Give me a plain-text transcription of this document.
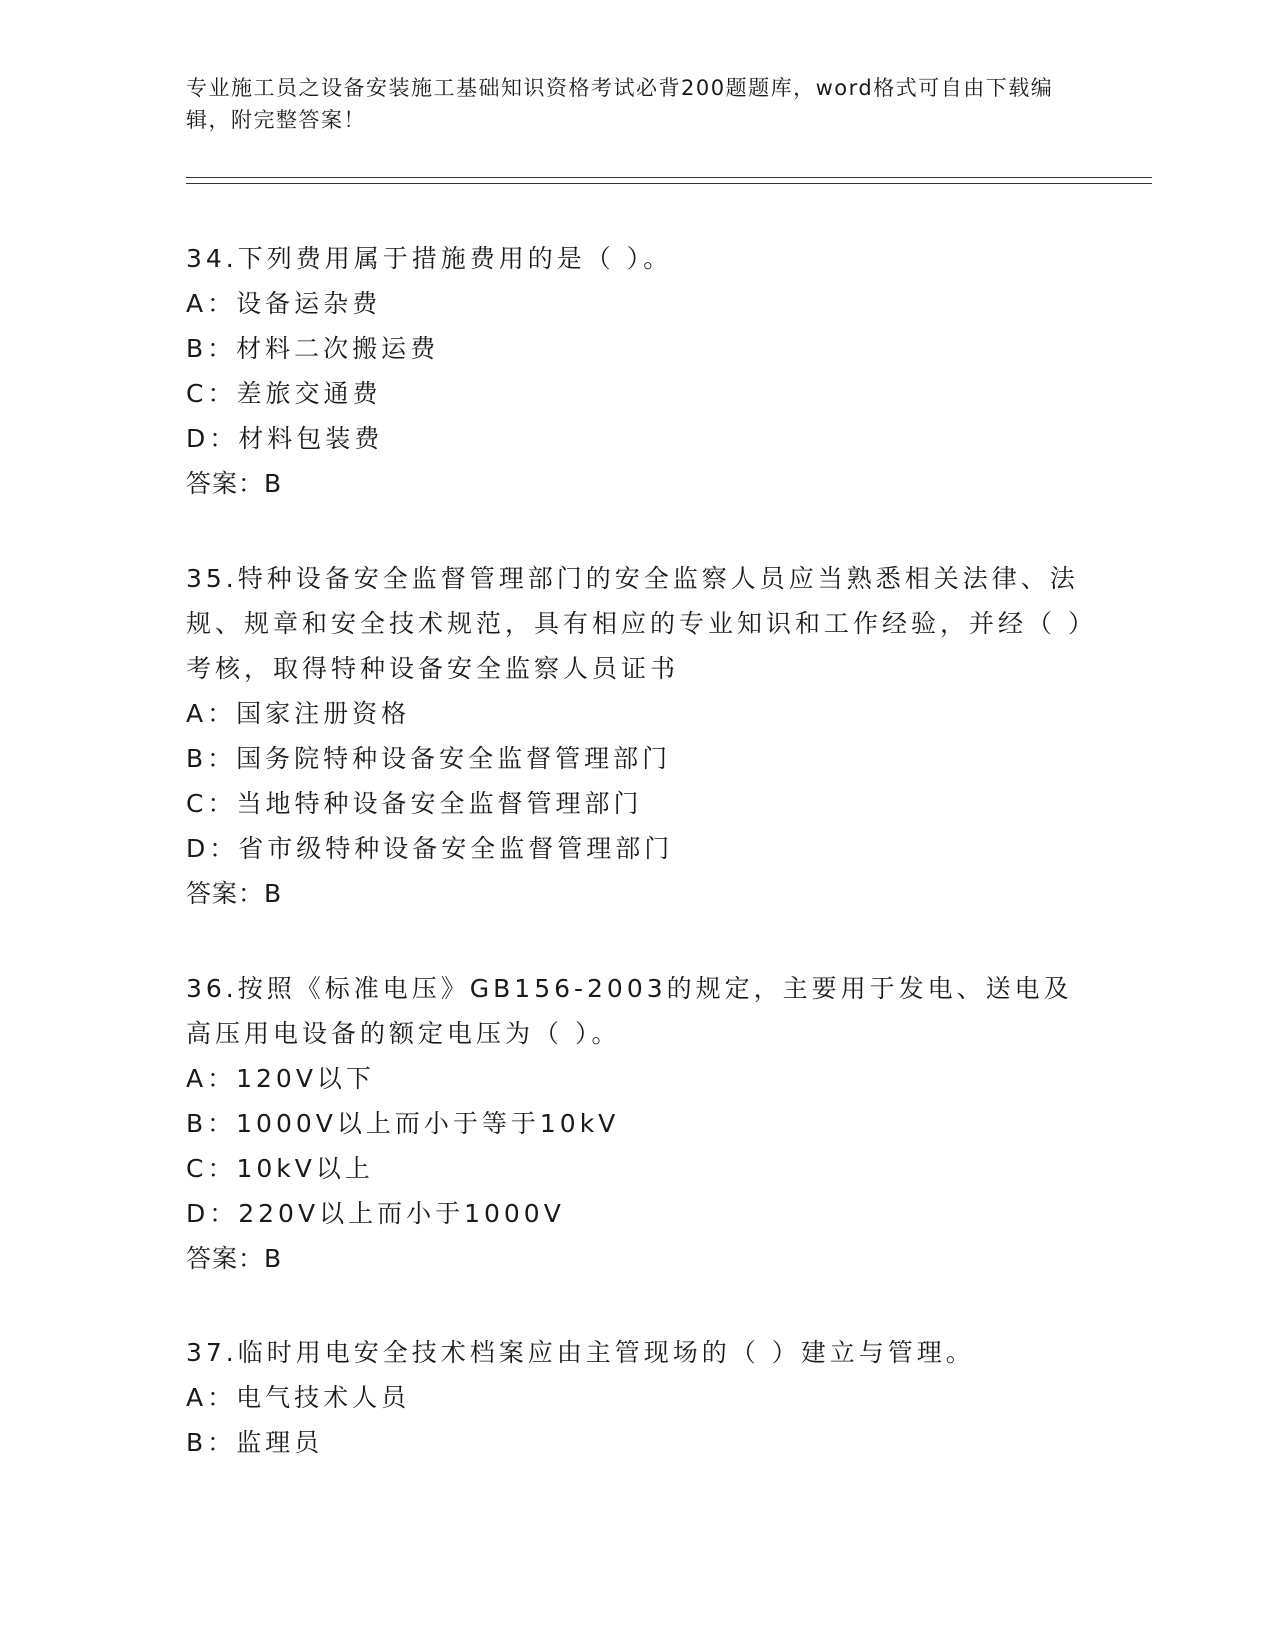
专业施工员之设备安装施工基础知识资格考试必背200题题库，word格式可自由下载编辑，附完整答案！

34.下列费用属于措施费用的是（ ）。

A：设备运杂费

B：材料二次搬运费

C：差旅交通费

D：材料包装费

答案：B

35.特种设备安全监督管理部门的安全监察人员应当熟悉相关法律、法规、规章和安全技术规范，具有相应的专业知识和工作经验，并经（ ）考核，取得特种设备安全监察人员证书

A：国家注册资格

B：国务院特种设备安全监督管理部门

C：当地特种设备安全监督管理部门

D：省市级特种设备安全监督管理部门

答案：B

36.按照《标准电压》GB156-2003的规定，主要用于发电、送电及高压用电设备的额定电压为（ ）。

A：120V以下

B：1000V以上而小于等于10kV

C：10kV以上

D：220V以上而小于1000V

答案：B

37.临时用电安全技术档案应由主管现场的（ ）建立与管理。

A：电气技术人员

B：监理员
